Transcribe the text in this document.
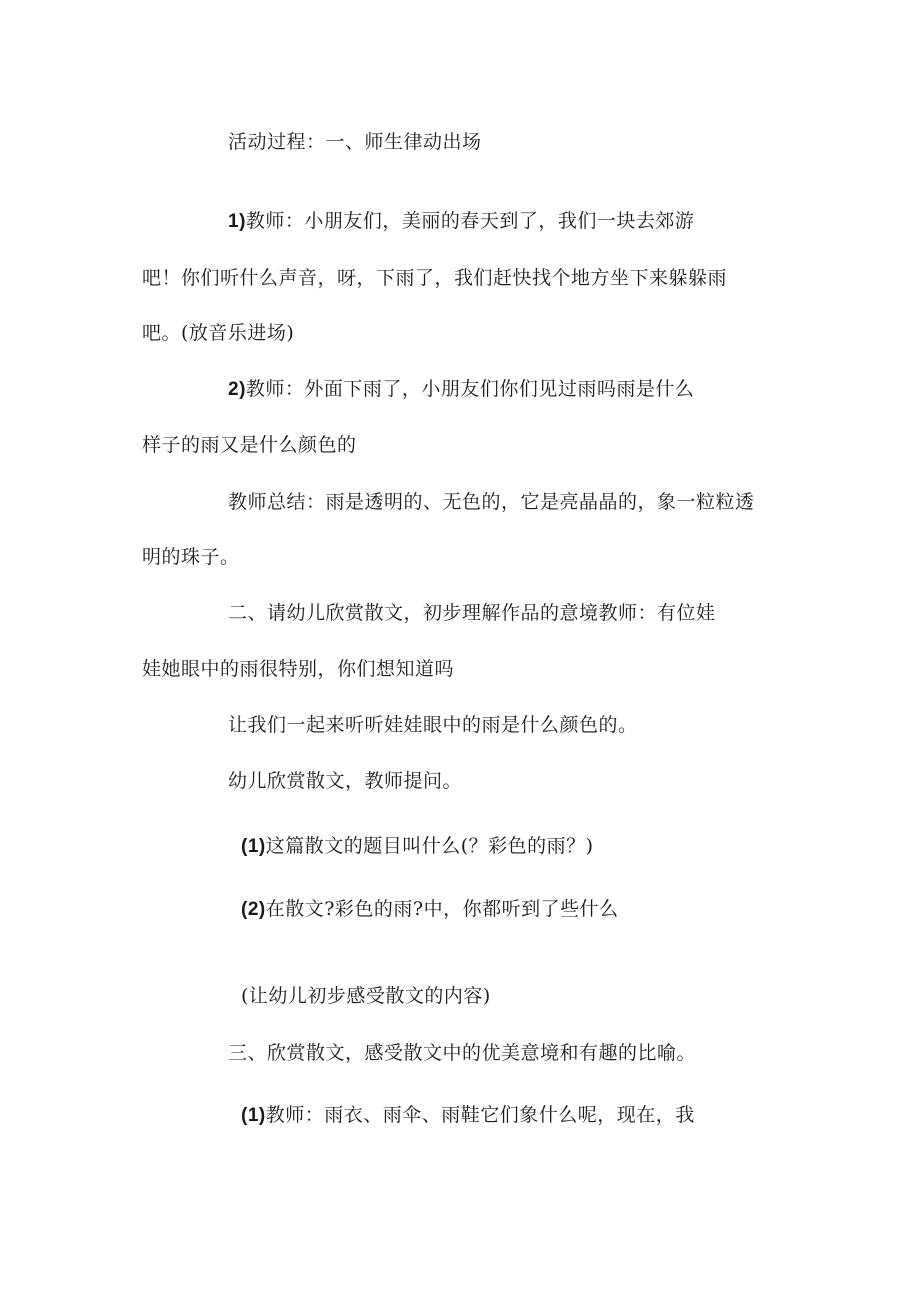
活动过程：一、师生律动出场
1)教师：小朋友们，美丽的春天到了，我们一块去郊游
吧！你们听什么声音，呀，下雨了，我们赶快找个地方坐下来躲躲雨
吧。(放音乐进场)
2)教师：外面下雨了，小朋友们你们见过雨吗雨是什么
样子的雨又是什么颜色的
教师总结：雨是透明的、无色的，它是亮晶晶的，象一粒粒透
明的珠子。
二、请幼儿欣赏散文，初步理解作品的意境教师：有位娃
娃她眼中的雨很特别，你们想知道吗
让我们一起来听听娃娃眼中的雨是什么颜色的。
幼儿欣赏散文，教师提问。
(1)这篇散文的题目叫什么(？彩色的雨？)
(2)在散文?彩色的雨?中，你都听到了些什么
(让幼儿初步感受散文的内容)
三、欣赏散文，感受散文中的优美意境和有趣的比喻。
(1)教师：雨衣、雨伞、雨鞋它们象什么呢，现在，我
